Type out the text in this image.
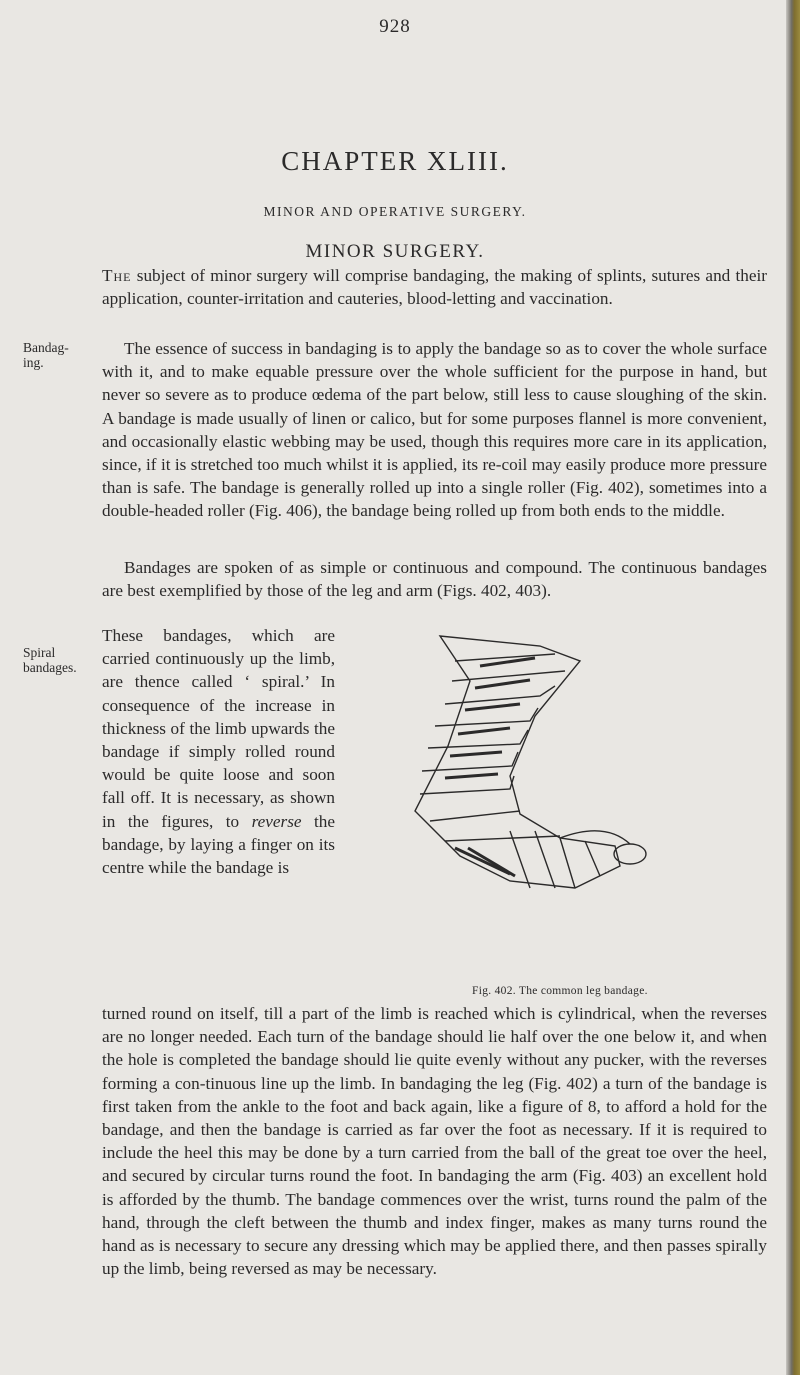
928
CHAPTER XLIII.
MINOR AND OPERATIVE SURGERY.
MINOR SURGERY.

The subject of minor surgery will comprise bandaging, the making of splints, sutures and their application, counter-irritation and cauteries, blood-letting and vaccination.

Bandag-ing.

The essence of success in bandaging is to apply the bandage so as to cover the whole surface with it, and to make equable pressure over the whole sufficient for the purpose in hand, but never so severe as to produce œdema of the part below, still less to cause sloughing of the skin. A bandage is made usually of linen or calico, but for some purposes flannel is more convenient, and occasionally elastic webbing may be used, though this requires more care in its application, since, if it is stretched too much whilst it is applied, its re-coil may easily produce more pressure than is safe. The bandage is generally rolled up into a single roller (Fig. 402), sometimes into a double-headed roller (Fig. 406), the bandage being rolled up from both ends to the middle.

Bandages are spoken of as simple or continuous and compound. The continuous bandages are best exemplified by those of the leg and arm (Figs. 402, 403).

Spiral bandages.

These bandages, which are carried continuously up the limb, are thence called ‘ spiral.’ In consequence of the increase in thickness of the limb upwards the bandage if simply rolled round would be quite loose and soon fall off. It is necessary, as shown in the figures, to reverse the bandage, by laying a finger on its centre while the bandage is

Fig. 402. The common leg bandage.

turned round on itself, till a part of the limb is reached which is cylindrical, when the reverses are no longer needed. Each turn of the bandage should lie half over the one below it, and when the hole is completed the bandage should lie quite evenly without any pucker, with the reverses forming a con-tinuous line up the limb. In bandaging the leg (Fig. 402) a turn of the bandage is first taken from the ankle to the foot and back again, like a figure of 8, to afford a hold for the bandage, and then the bandage is carried as far over the foot as necessary. If it is required to include the heel this may be done by a turn carried from the ball of the great toe over the heel, and secured by circular turns round the foot. In bandaging the arm (Fig. 403) an excellent hold is afforded by the thumb. The bandage commences over the wrist, turns round the palm of the hand, through the cleft between the thumb and index finger, makes as many turns round the hand as is necessary to secure any dressing which may be applied there, and then passes spirally up the limb, being reversed as may be necessary.
